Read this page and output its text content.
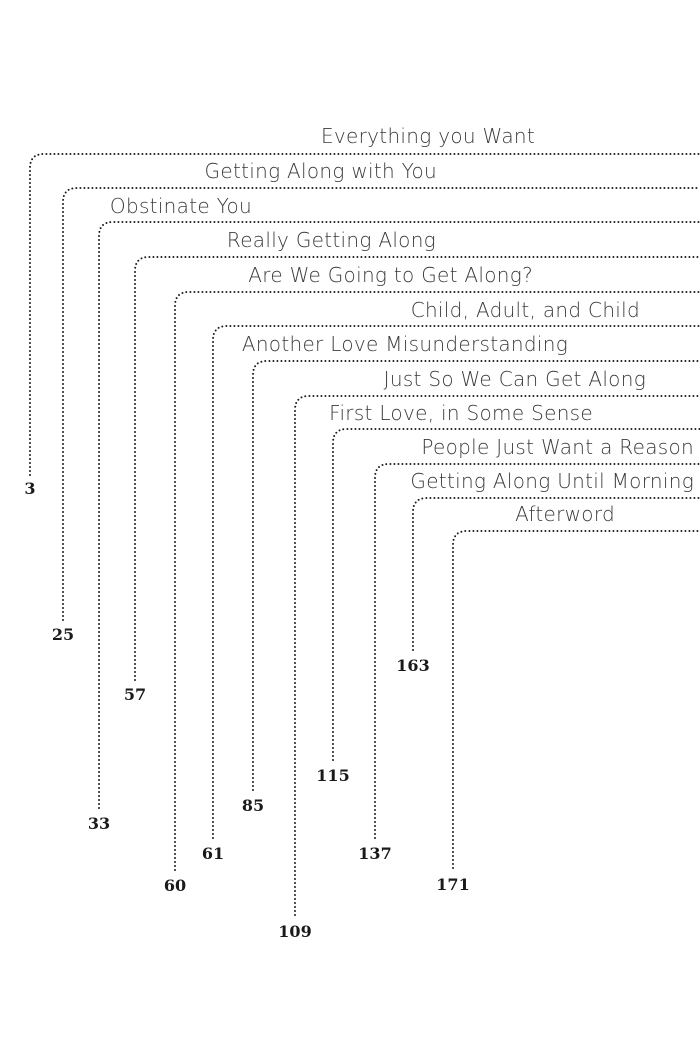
Everything you Want
Getting Along with You
Obstinate You
Really Getting Along
Are We Going to Get Along?
Child, Adult, and Child
Another Love Misunderstanding
Just So We Can Get Along
First Love, in Some Sense
People Just Want a Reason
Getting Along Until Morning
Afterword
3
25
33
57
60
61
85
109
115
137
163
171
